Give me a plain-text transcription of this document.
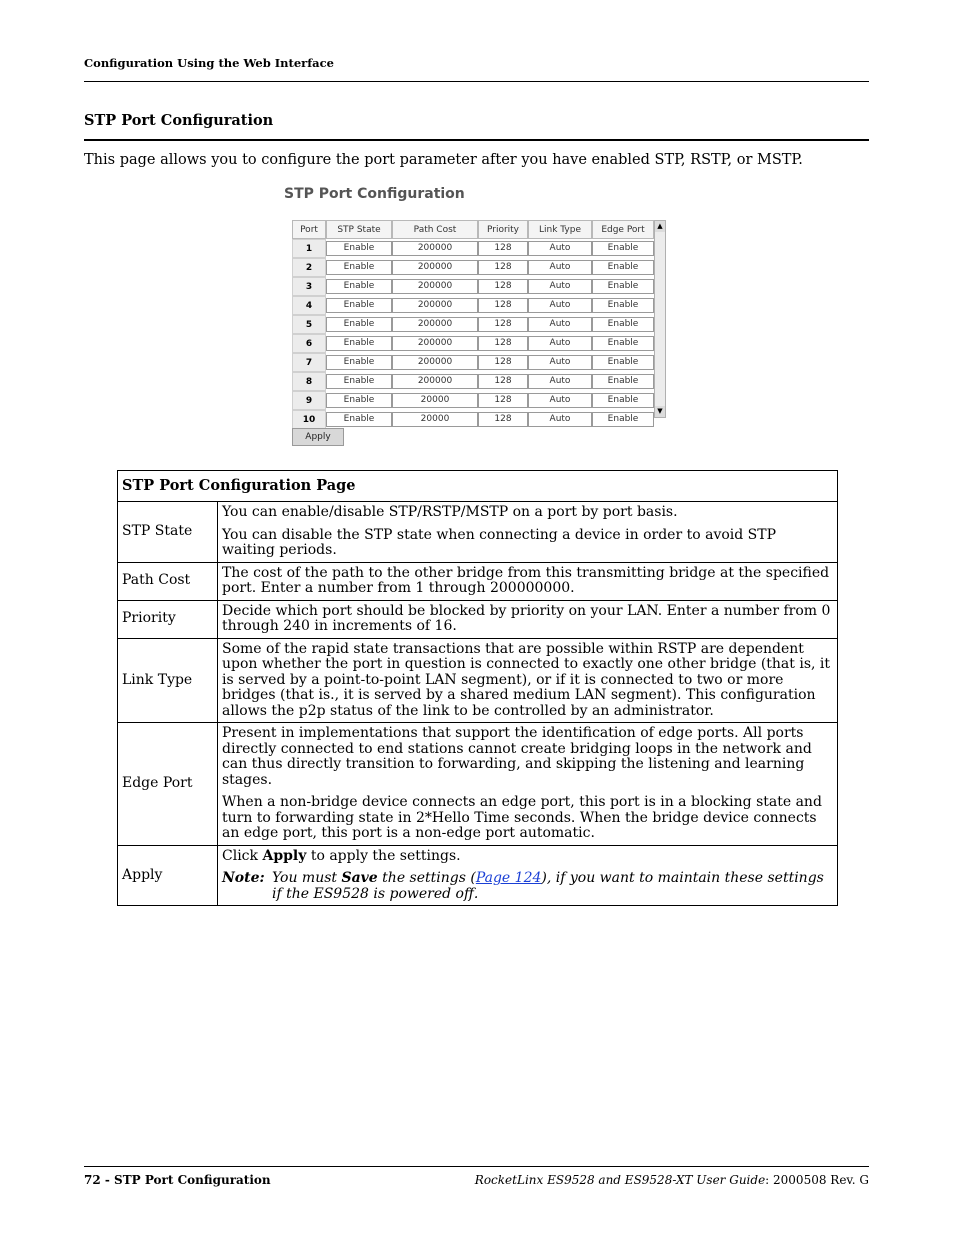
Configuration Using the Web Interface
STP Port Configuration
This page allows you to configure the port parameter after you have enabled STP, RSTP, or MSTP.
STP Port Configuration
Port	STP State	Path Cost	Priority	Link Type	Edge Port
1	Enable	200000	128	Auto	Enable
2	Enable	200000	128	Auto	Enable
3	Enable	200000	128	Auto	Enable
4	Enable	200000	128	Auto	Enable
5	Enable	200000	128	Auto	Enable
6	Enable	200000	128	Auto	Enable
7	Enable	200000	128	Auto	Enable
8	Enable	200000	128	Auto	Enable
9	Enable	20000	128	Auto	Enable
10	Enable	20000	128	Auto	Enable
▲
▼
Apply
STP Port Configuration Page	
STP State	You can enable/disable STP/RSTP/MSTP on a port by port basis.

You can disable the STP state when connecting a device in order to avoid STP waiting periods.

Path Cost	The cost of the path to the other bridge from this transmitting bridge at the specified port. Enter a number from 1 through 200000000.

Priority	Decide which port should be blocked by priority on your LAN. Enter a number from 0 through 240 in increments of 16.

Link Type	Some of the rapid state transactions that are possible within RSTP are dependent upon whether the port in question is connected to exactly one other bridge (that is, it is served by a point-to-point LAN segment), or if it is connected to two or more bridges (that is., it is served by a shared medium LAN segment). This configuration allows the p2p status of the link to be controlled by an administrator.

Edge Port	Present in implementations that support the identification of edge ports. All ports directly connected to end stations cannot create bridging loops in the network and can thus directly transition to forwarding, and skipping the listening and learning stages.

When a non-bridge device connects an edge port, this port is in a blocking state and turn to forwarding state in 2*Hello Time seconds. When the bridge device connects an edge port, this port is a non-edge port automatic.

Apply	Click Apply to apply the settings.

Note: You must Save the settings (Page 124), if you want to maintain these settings if the ES9528 is powered off.
72 - STP Port Configuration	RocketLinx ES9528 and ES9528-XT User Guide: 2000508 Rev. G
